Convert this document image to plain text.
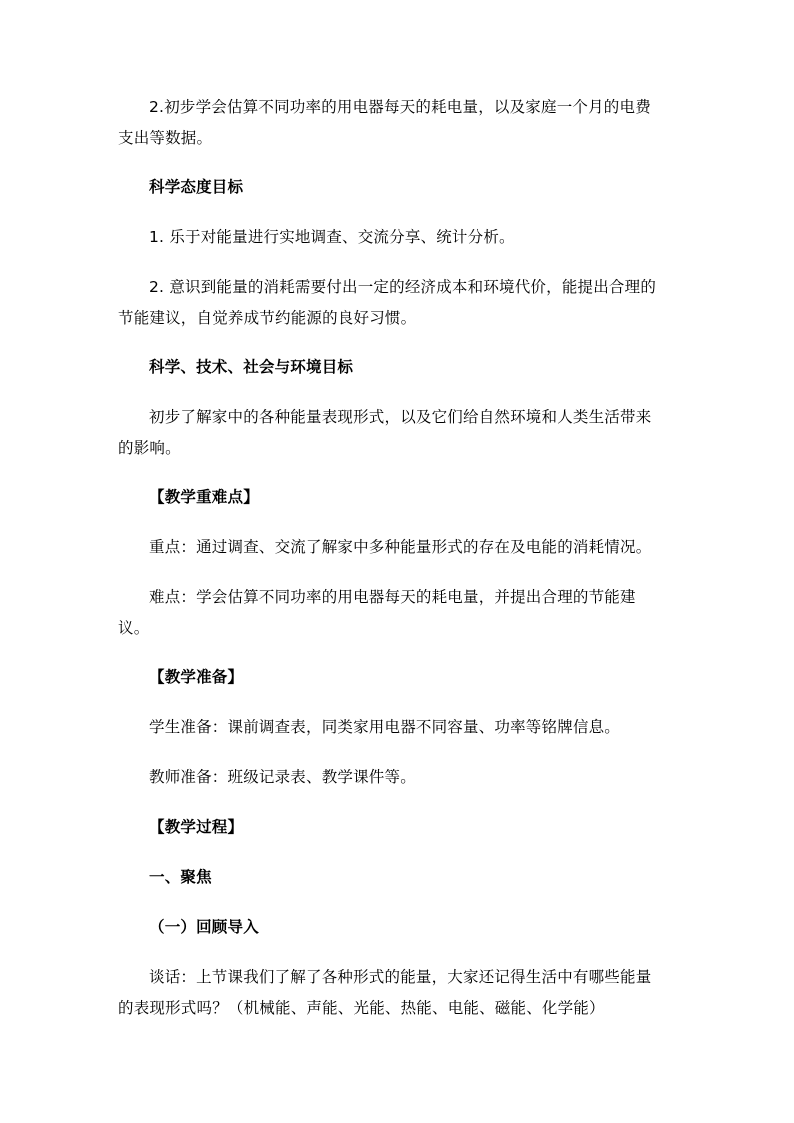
2.初步学会估算不同功率的用电器每天的耗电量，以及家庭一个月的电费
支出等数据。

科学态度目标

1. 乐于对能量进行实地调查、交流分享、统计分析。

2. 意识到能量的消耗需要付出一定的经济成本和环境代价，能提出合理的
节能建议，自觉养成节约能源的良好习惯。

科学、技术、社会与环境目标

初步了解家中的各种能量表现形式，以及它们给自然环境和人类生活带来
的影响。

【教学重难点】

重点：通过调查、交流了解家中多种能量形式的存在及电能的消耗情况。

难点：学会估算不同功率的用电器每天的耗电量，并提出合理的节能建
议。

【教学准备】

学生准备：课前调查表，同类家用电器不同容量、功率等铭牌信息。

教师准备：班级记录表、教学课件等。

【教学过程】

一、聚焦

（一）回顾导入

谈话：上节课我们了解了各种形式的能量，大家还记得生活中有哪些能量
的表现形式吗？（机械能、声能、光能、热能、电能、磁能、化学能）
